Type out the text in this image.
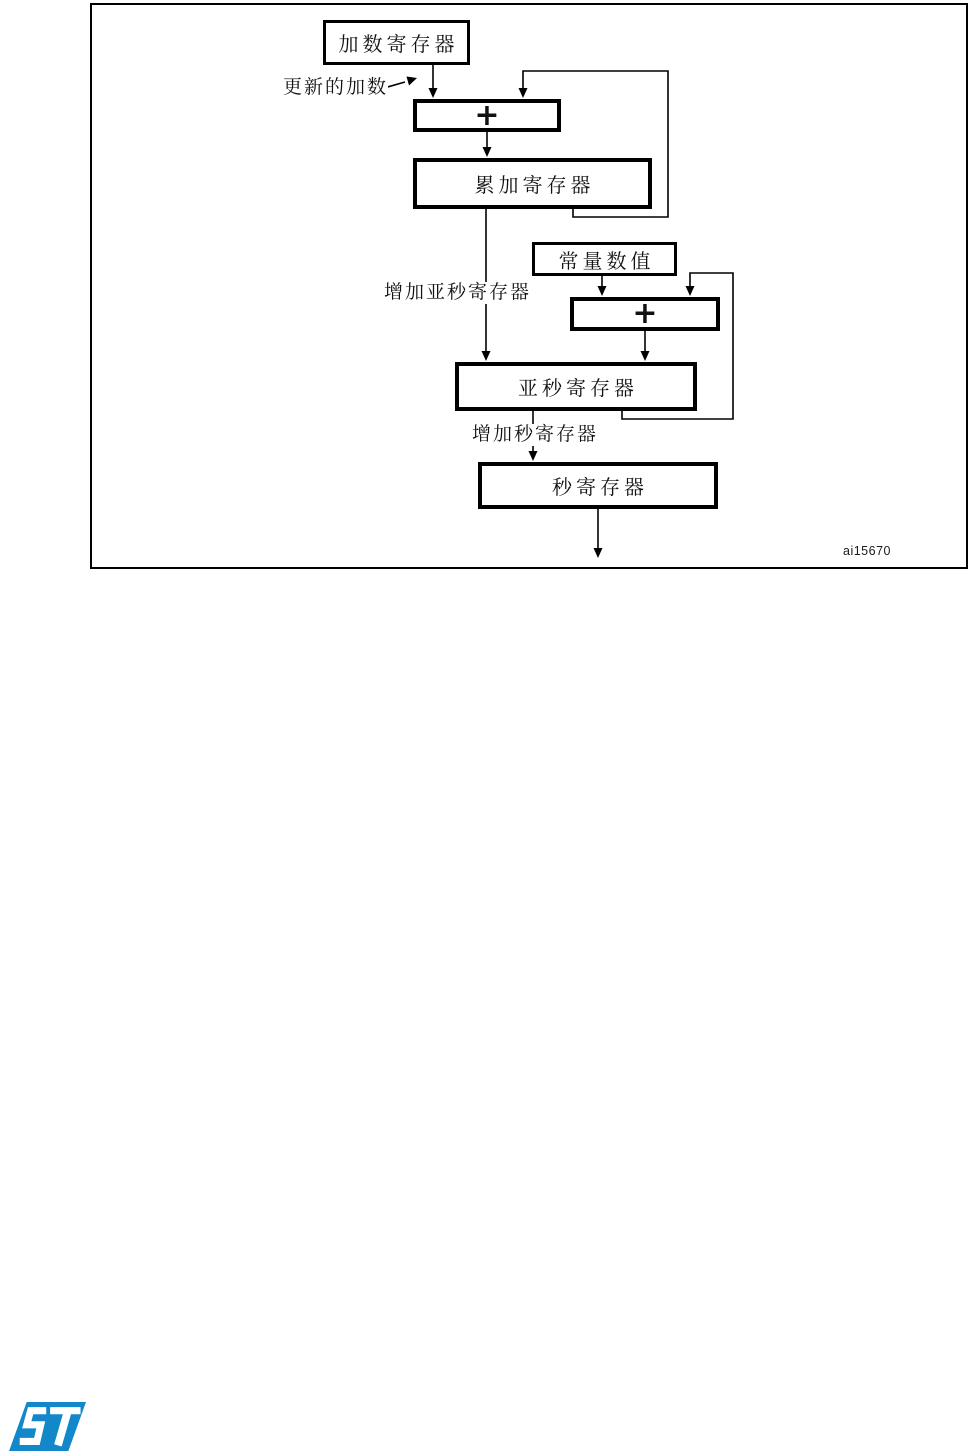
加数寄存器
+
累加寄存器
常量数值
+
亚秒寄存器
秒寄存器
更新的加数
增加亚秒寄存器
增加秒寄存器
ai15670
